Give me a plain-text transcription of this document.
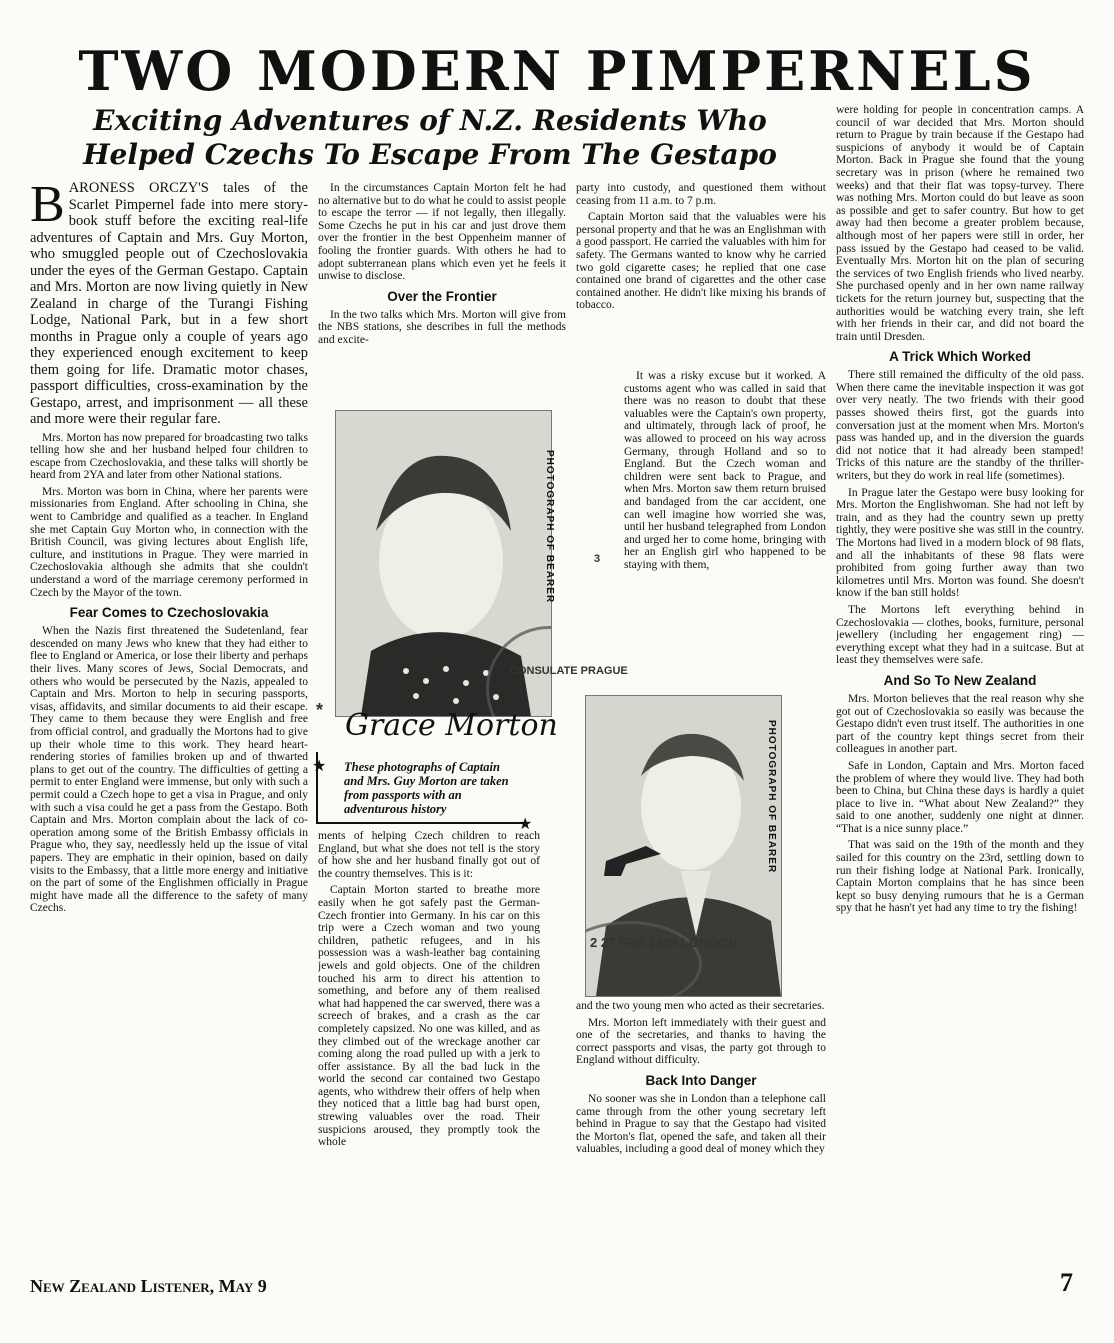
TWO MODERN PIMPERNELS
Exciting Adventures of N.Z. Residents Who
Helped Czechs To Escape From The Gestapo

BARONESS ORCZY'S tales of the Scarlet Pimpernel fade into mere story-book stuff before the exciting real-life adventures of Captain and Mrs. Guy Morton, who smuggled people out of Czechoslovakia under the eyes of the German Gestapo. Captain and Mrs. Morton are now living quietly in New Zealand in charge of the Turangi Fishing Lodge, National Park, but in a few short months in Prague only a couple of years ago they experienced enough excitement to keep them going for life. Dramatic motor chases, passport difficulties, cross-examination by the Gestapo, arrest, and imprisonment — all these and more were their regular fare.

Mrs. Morton has now prepared for broadcasting two talks telling how she and her husband helped four children to escape from Czechoslovakia, and these talks will shortly be heard from 2YA and later from other National stations.

Mrs. Morton was born in China, where her parents were missionaries from England. After schooling in China, she went to Cambridge and qualified as a teacher. In England she met Captain Guy Morton who, in connection with the British Council, was giving lectures about English life, culture, and institutions in Prague. They were married in Czechoslovakia although she admits that she couldn't understand a word of the marriage ceremony performed in Czech by the Mayor of the town.

Fear Comes to Czechoslovakia

When the Nazis first threatened the Sudetenland, fear descended on many Jews who knew that they had either to flee to England or America, or lose their liberty and perhaps their lives. Many scores of Jews, Social Democrats, and others who would be persecuted by the Nazis, appealed to Captain and Mrs. Morton to help in securing passports, visas, affidavits, and similar documents to aid their escape. They came to them because they were English and free from official control, and gradually the Mortons had to give up their whole time to this work. They heard heart-rendering stories of families broken up and of thwarted plans to get out of the country. The difficulties of getting a permit to enter England were immense, but only with such a permit could a Czech hope to get a visa in Prague, and only with such a visa could he get a pass from the Gestapo. Both Captain and Mrs. Morton complain about the lack of co-operation among some of the British Embassy officials in Prague who, they say, needlessly held up the issue of vital papers. They are emphatic in their opinion, based on daily visits to the Embassy, that a little more energy and initiative on the part of some of the Englishmen officially in Prague might have made all the difference to the safety of many Czechs.

In the circumstances Captain Morton felt he had no alternative but to do what he could to assist people to escape the terror — if not legally, then illegally. Some Czechs he put in his car and just drove them over the frontier in the best Oppenheim manner of fooling the frontier guards. With others he had to adopt subterranean plans which even yet he feels it unwise to disclose.

Over the Frontier

In the two talks which Mrs. Morton will give from the NBS stations, she describes in full the methods and excite-

party into custody, and questioned them without ceasing from 11 a.m. to 7 p.m.

Captain Morton said that the valuables were his personal property and that he was an Englishman with a good passport. He carried the valuables with him for safety. The Germans wanted to know why he carried two gold cigarette cases; he replied that one case contained one brand of cigarettes and the other case contained another. He didn't like mixing his brands of tobacco.

It was a risky excuse but it worked. A customs agent who was called in said that there was no reason to doubt that these valuables were the Captain's own property, and ultimately, through lack of proof, he was allowed to proceed on his way across Germany, through Holland and so to England. But the Czech woman and children were sent back to Prague, and when Mrs. Morton saw them return bruised and bandaged from the car accident, one can well imagine how worried she was, until her husband telegraphed from London and urged her to come home, bringing with her an English girl who happened to be staying with them,

PHOTOGRAPH OF BEARER
CONSULATE PRAGUE
* Grace Morton
★
★
These photographs of Captain and Mrs. Guy Morton are taken from passports with an adventurous history	PHOTOGRAPH OF BEARER
2 27 FEB 1939 LONDON
3

ments of helping Czech children to reach England, but what she does not tell is the story of how she and her husband finally got out of the country themselves. This is it:

Captain Morton started to breathe more easily when he got safely past the German-Czech frontier into Germany. In his car on this trip were a Czech woman and two young children, pathetic refugees, and in his possession was a wash-leather bag containing jewels and gold objects. One of the children touched his arm to direct his attention to something, and before any of them realised what had happened the car swerved, there was a screech of brakes, and a crash as the car completely capsized. No one was killed, and as they climbed out of the wreckage another car coming along the road pulled up with a jerk to offer assistance. By all the bad luck in the world the second car contained two Gestapo agents, who withdrew their offers of help when they noticed that a little bag had burst open, strewing valuables over the road. Their suspicions aroused, they promptly took the whole

and the two young men who acted as their secretaries.

Mrs. Morton left immediately with their guest and one of the secretaries, and thanks to having the correct passports and visas, the party got through to England without difficulty.

Back Into Danger

No sooner was she in London than a telephone call came through from the other young secretary left behind in Prague to say that the Gestapo had visited the Morton's flat, opened the safe, and taken all their valuables, including a good deal of money which they

were holding for people in concentration camps. A council of war decided that Mrs. Morton should return to Prague by train because if the Gestapo had suspicions of anybody it would be of Captain Morton. Back in Prague she found that the young secretary was in prison (where he remained two weeks) and that their flat was topsy-turvey. There was nothing Mrs. Morton could do but leave as soon as possible and get to safer country. But how to get away had then become a greater problem because, although most of her papers were still in order, her pass issued by the Gestapo had ceased to be valid. Eventually Mrs. Morton hit on the plan of securing the services of two English friends who lived nearby. She purchased openly and in her own name railway tickets for the return journey but, suspecting that the authorities would be watching every train, she left with her friends in their car, and did not board the train until Dresden.

A Trick Which Worked

There still remained the difficulty of the old pass. When there came the inevitable inspection it was got over very neatly. The two friends with their good passes showed theirs first, got the guards into conversation just at the moment when Mrs. Morton's pass was handed up, and in the diversion the guards did not notice that it had already been stamped! Tricks of this nature are the standby of the thriller-writers, but they do work in real life (sometimes).

In Prague later the Gestapo were busy looking for Mrs. Morton the Englishwoman. She had not left by train, and as they had the country sewn up pretty tightly, they were positive she was still in the country. The Mortons had lived in a modern block of 98 flats, and all the inhabitants of these 98 flats were prohibited from going further away than two kilometres until Mrs. Morton was found. She doesn't know if the ban still holds!

The Mortons left everything behind in Czechoslovakia — clothes, books, furniture, personal jewellery (including her engagement ring) — everything except what they had in a suitcase. But at least they themselves were safe.

And So To New Zealand

Mrs. Morton believes that the real reason why she got out of Czechoslovakia so easily was because the Gestapo didn't even trust itself. The authorities in one part of the country kept things secret from their colleagues in another part.

Safe in London, Captain and Mrs. Morton faced the problem of where they would live. They had both been to China, but China these days is hardly a quiet place to live in. “What about New Zealand?” they said to one another, suddenly one night at dinner. “That is a nice sunny place.”

That was said on the 19th of the month and they sailed for this country on the 23rd, settling down to run their fishing lodge at National Park. Ironically, Captain Morton complains that he has since been kept so busy denying rumours that he is a German spy that he hasn't yet had any time to try the fishing!

New Zealand Listener, May 9	7
